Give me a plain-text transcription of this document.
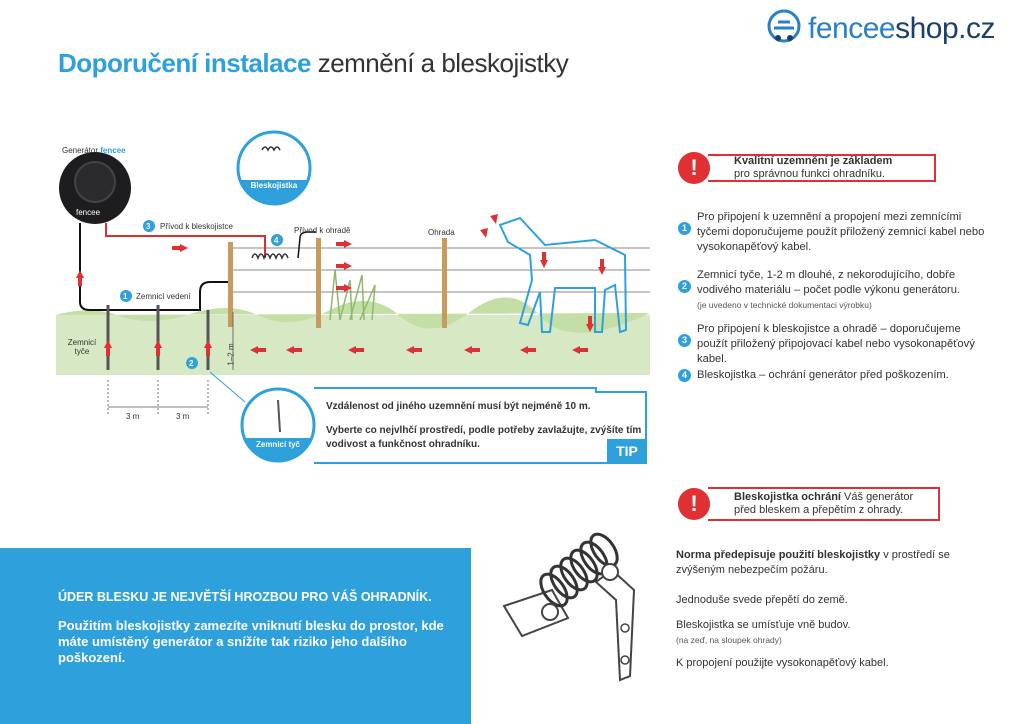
fenceeshop.cz
Doporučení instalace zemnění a bleskojistky
Generátor fencee
fencee
Bleskojistka
Zemnicí tyč
3 Přívod k bleskojistce
4
Přívod k ohradě	Ohrada
1 Zemnicí vedení
2
Zemnicí tyče
3 m	3 m
1–2 m
Vzdálenost od jiného uzemnění musí být nejméně 10 m.
Vyberte co nejvlhčí prostředí, podle potřeby zavlažujte, zvýšíte tím vodivost a funkčnost ohradníku.	TIP
!	Kvalitní uzemnění je základem
pro správnou funkci ohradníku.
1
Pro připojení k uzemnění a propojení mezi zemnícími tyčemi doporučujeme použít přiložený zemnicí kabel nebo vysokonapěťový kabel.
2
Zemnicí tyče, 1-2 m dlouhé, z nekorodujícího, dobře vodivého materiálu – počet podle výkonu generátoru.
(je uvedeno v technické dokumentaci výrobku)
3
Pro připojení k bleskojistce a ohradě – doporučujeme použít přiložený připojovací kabel nebo vysokonapěťový kabel.
4 Bleskojistka – ochrání generátor před poškozením.
!	Bleskojistka ochrání Váš generátor
před bleskem a přepětím z ohrady.
Norma předepisuje použití bleskojistky v prostředí se zvýšeným nebezpečím požáru.
Jednoduše svede přepětí do země.
Bleskojistka se umísťuje vně budov.
(na zeď, na sloupek ohrady)
K propojení použijte vysokonapěťový kabel.
ÚDER BLESKU JE NEJVĚTŠÍ HROZBOU PRO VÁŠ OHRADNÍK.
Použitím bleskojistky zamezíte vniknutí blesku do prostor, kde máte umístěný generátor a snížíte tak riziko jeho dalšího poškození.
